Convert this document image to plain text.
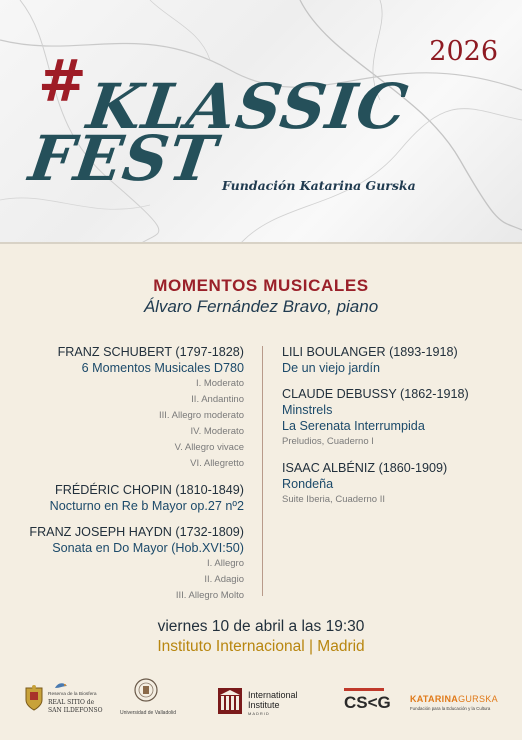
2026
#
KLASSIC
FEST Fundación Katarina Gurska
MOMENTOS MUSICALES
Álvaro Fernández Bravo, piano
FRANZ SCHUBERT (1797-1828)
6 Momentos Musicales D780
I. Moderato
II. Andantino
III. Allegro moderato
IV. Moderato
V. Allegro vivace
VI. Allegretto
FRÉDÉRIC CHOPIN (1810-1849)
Nocturno en Re b Mayor op.27 nº2
FRANZ JOSEPH HAYDN (1732-1809)
Sonata en Do Mayor (Hob.XVI:50)
I. Allegro
II. Adagio
III. Allegro Molto
LILI BOULANGER (1893-1918)
De un viejo jardín
CLAUDE DEBUSSY (1862-1918)
Minstrels
La Serenata Interrumpida
Preludios, Cuaderno I
ISAAC ALBÉNIZ (1860-1909)
Rondeña
Suite Iberia, Cuaderno II
viernes 10 de abril a las 19:30
Instituto Internacional | Madrid
Reserva de la Biosfera
REAL SITIO de
SAN ILDEFONSO	Universidad de Valladolid
International
Institute
MADRID
CS<G KATARINAGURSKA
Fundación para la Educación y la Cultura
